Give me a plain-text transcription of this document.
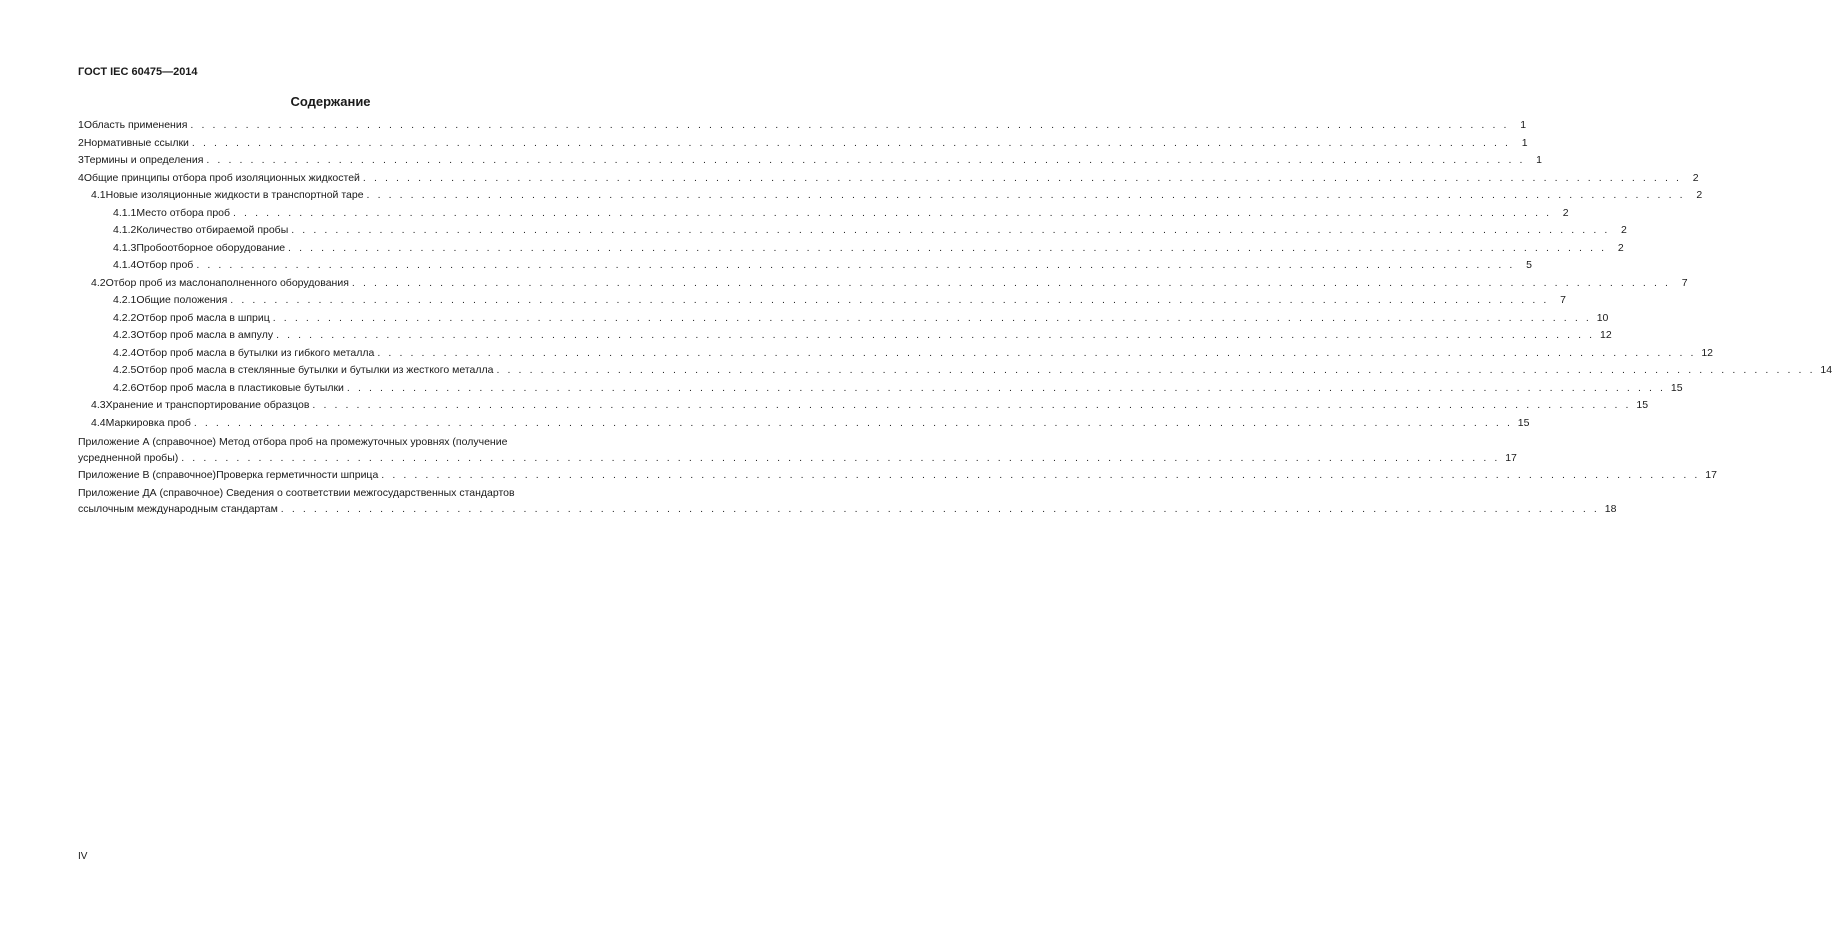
ГОСТ IEC 60475—2014
Содержание
1 Область применения . . . . . . . . . . . . . . . . . . . . . . . . . . . . . . . . . . . . . . . . . . . . . . . . . . . . . . . . . . . . . . . . . . . . . . . . . . . . . . . . . . . . . . . . . . . . . . . . . . . . . . . . . . . . . . . . . . . . . . . .	1
2 Нормативные ссылки . . . . . . . . . . . . . . . . . . . . . . . . . . . . . . . . . . . . . . . . . . . . . . . . . . . . . . . . . . . . . . . . . . . . . . . . . . . . . . . . . . . . . . . . . . . . . . . . . . . . . . . . . . . . . . . . . . . . . . . .	1
3 Термины и определения . . . . . . . . . . . . . . . . . . . . . . . . . . . . . . . . . . . . . . . . . . . . . . . . . . . . . . . . . . . . . . . . . . . . . . . . . . . . . . . . . . . . . . . . . . . . . . . . . . . . . . . . . . . . . . . . . . . . . . . .	1
4 Общие принципы отбора проб изоляционных жидкостей . . . . . . . . . . . . . . . . . . . . . . . . . . . . . . . . . . . . . . . . . . . . . . . . . . . . . . . . . . . . . . . . . . . . . . . . . . . . . . . . . . . . . . . . . . . . . . . . . . . . . . . . . . . . . . . . . . . . . . . .	2
4.1 Новые изоляционные жидкости в транспортной таре . . . . . . . . . . . . . . . . . . . . . . . . . . . . . . . . . . . . . . . . . . . . . . . . . . . . . . . . . . . . . . . . . . . . . . . . . . . . . . . . . . . . . . . . . . . . . . . . . . . . . . . . . . . . . . . . . . . . . . . .	2
4.1.1 Место отбора проб . . . . . . . . . . . . . . . . . . . . . . . . . . . . . . . . . . . . . . . . . . . . . . . . . . . . . . . . . . . . . . . . . . . . . . . . . . . . . . . . . . . . . . . . . . . . . . . . . . . . . . . . . . . . . . . . . . . . . . . .	2
4.1.2 Количество отбираемой пробы . . . . . . . . . . . . . . . . . . . . . . . . . . . . . . . . . . . . . . . . . . . . . . . . . . . . . . . . . . . . . . . . . . . . . . . . . . . . . . . . . . . . . . . . . . . . . . . . . . . . . . . . . . . . . . . . . . . . . . . .	2
4.1.3 Пробоотборное оборудование . . . . . . . . . . . . . . . . . . . . . . . . . . . . . . . . . . . . . . . . . . . . . . . . . . . . . . . . . . . . . . . . . . . . . . . . . . . . . . . . . . . . . . . . . . . . . . . . . . . . . . . . . . . . . . . . . . . . . . . .	2
4.1.4 Отбор проб . . . . . . . . . . . . . . . . . . . . . . . . . . . . . . . . . . . . . . . . . . . . . . . . . . . . . . . . . . . . . . . . . . . . . . . . . . . . . . . . . . . . . . . . . . . . . . . . . . . . . . . . . . . . . . . . . . . . . . . .	5
4.2 Отбор проб из маслонаполненного оборудования . . . . . . . . . . . . . . . . . . . . . . . . . . . . . . . . . . . . . . . . . . . . . . . . . . . . . . . . . . . . . . . . . . . . . . . . . . . . . . . . . . . . . . . . . . . . . . . . . . . . . . . . . . . . . . . . . . . . . . . .	7
4.2.1 Общие положения . . . . . . . . . . . . . . . . . . . . . . . . . . . . . . . . . . . . . . . . . . . . . . . . . . . . . . . . . . . . . . . . . . . . . . . . . . . . . . . . . . . . . . . . . . . . . . . . . . . . . . . . . . . . . . . . . . . . . . . .	7
4.2.2 Отбор проб масла в шприц . . . . . . . . . . . . . . . . . . . . . . . . . . . . . . . . . . . . . . . . . . . . . . . . . . . . . . . . . . . . . . . . . . . . . . . . . . . . . . . . . . . . . . . . . . . . . . . . . . . . . . . . . . . . . . . . . . . . . . . . 10
4.2.3 Отбор проб масла в ампулу . . . . . . . . . . . . . . . . . . . . . . . . . . . . . . . . . . . . . . . . . . . . . . . . . . . . . . . . . . . . . . . . . . . . . . . . . . . . . . . . . . . . . . . . . . . . . . . . . . . . . . . . . . . . . . . . . . . . . . . . 12
4.2.4 Отбор проб масла в бутылки из гибкого металла . . . . . . . . . . . . . . . . . . . . . . . . . . . . . . . . . . . . . . . . . . . . . . . . . . . . . . . . . . . . . . . . . . . . . . . . . . . . . . . . . . . . . . . . . . . . . . . . . . . . . . . . . . . . . . . . . . . . . . . . 12
4.2.5 Отбор проб масла в стеклянные бутылки и бутылки из жесткого металла . . . . . . . . . . . . . . . . . . . . . . . . . . . . . . . . . . . . . . . . . . . . . . . . . . . . . . . . . . . . . . . . . . . . . . . . . . . . . . . . . . . . . . . . . . . . . . . . . . . . . . . . . . . . . . . . . . . . . . . . 14
4.2.6 Отбор проб масла в пластиковые бутылки . . . . . . . . . . . . . . . . . . . . . . . . . . . . . . . . . . . . . . . . . . . . . . . . . . . . . . . . . . . . . . . . . . . . . . . . . . . . . . . . . . . . . . . . . . . . . . . . . . . . . . . . . . . . . . . . . . . . . . . . 15
4.3 Хранение и транспортирование образцов . . . . . . . . . . . . . . . . . . . . . . . . . . . . . . . . . . . . . . . . . . . . . . . . . . . . . . . . . . . . . . . . . . . . . . . . . . . . . . . . . . . . . . . . . . . . . . . . . . . . . . . . . . . . . . . . . . . . . . . . 15
4.4 Маркировка проб . . . . . . . . . . . . . . . . . . . . . . . . . . . . . . . . . . . . . . . . . . . . . . . . . . . . . . . . . . . . . . . . . . . . . . . . . . . . . . . . . . . . . . . . . . . . . . . . . . . . . . . . . . . . . . . . . . . . . . . . 15
Приложение А (справочное) Метод отбора проб на промежуточных уровнях (получение
усредненной пробы) . . . . . . . . . . . . . . . . . . . . . . . . . . . . . . . . . . . . . . . . . . . . . . . . . . . . . . . . . . . . . . . . . . . . . . . . . . . . . . . . . . . . . . . . . . . . . . . . . . . . . . . . . . . . . . . . . . . . . . . . 17
Приложение В (справочное) Проверка герметичности шприца . . . . . . . . . . . . . . . . . . . . . . . . . . . . . . . . . . . . . . . . . . . . . . . . . . . . . . . . . . . . . . . . . . . . . . . . . . . . . . . . . . . . . . . . . . . . . . . . . . . . . . . . . . . . . . . . . . . . . . . . 17
Приложение ДА (справочное) Сведения о соответствии межгосударственных стандартов
ссылочным международным стандартам . . . . . . . . . . . . . . . . . . . . . . . . . . . . . . . . . . . . . . . . . . . . . . . . . . . . . . . . . . . . . . . . . . . . . . . . . . . . . . . . . . . . . . . . . . . . . . . . . . . . . . . . . . . . . . . . . . . . . . . . 18
IV
